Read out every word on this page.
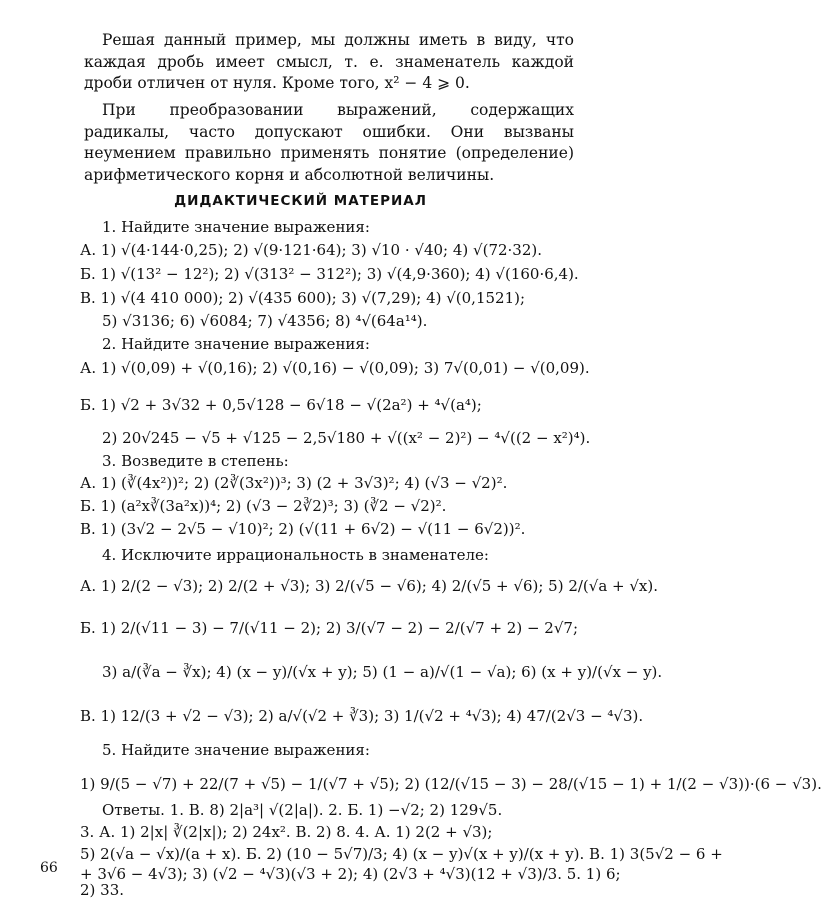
Решая данный пример, мы должны иметь в виду, что каждая дробь имеет смысл, т. е. знаменатель каждой дроби отличен от нуля. Кроме того, x² − 4 ⩾ 0.
При преобразовании выражений, содержащих радикалы, часто допускают ошибки. Они вызваны неумением правильно применять понятие (определение) арифметического корня и абсолютной величины.
ДИДАКТИЧЕСКИЙ МАТЕРИАЛ
1. Найдите значение выражения:
А. 1) √(4·144·0,25); 2) √(9·121·64); 3) √10 · √40; 4) √(72·32).
Б. 1) √(13² − 12²); 2) √(313² − 312²); 3) √(4,9·360); 4) √(160·6,4).
В. 1) √(4 410 000); 2) √(435 600); 3) √(7,29); 4) √(0,1521);
5) √3136; 6) √6084; 7) √4356; 8) ⁴√(64a¹⁴).
2. Найдите значение выражения:
А. 1) √(0,09) + √(0,16); 2) √(0,16) − √(0,09); 3) 7√(0,01) − √(0,09).
Б. 1) √2 + 3√32 + 0,5√128 − 6√18 − √(2a²) + ⁴√(a⁴);
2) 20√245 − √5 + √125 − 2,5√180 + √((x² − 2)²) − ⁴√((2 − x²)⁴).
3. Возведите в степень:
А. 1) (∛(4x²))²; 2) (2∛(3x²))³; 3) (2 + 3√3)²; 4) (√3 − √2)².
Б. 1) (a²x∛(3a²x))⁴; 2) (√3 − 2∛2)³; 3) (∛2 − √2)².
В. 1) (3√2 − 2√5 − √10)²; 2) (√(11 + 6√2) − √(11 − 6√2))².
4. Исключите иррациональность в знаменателе:
А. 1) 2/(2 − √3); 2) 2/(2 + √3); 3) 2/(√5 − √6); 4) 2/(√5 + √6); 5) 2/(√a + √x).
Б. 1) 2/(√11 − 3) − 7/(√11 − 2); 2) 3/(√7 − 2) − 2/(√7 + 2) − 2√7;
3) a/(∛a − ∛x); 4) (x − y)/(√x + y); 5) (1 − a)/√(1 − √a); 6) (x + y)/(√x − y).
В. 1) 12/(3 + √2 − √3); 2) a/√(√2 + ∛3); 3) 1/(√2 + ⁴√3); 4) 47/(2√3 − ⁴√3).
5. Найдите значение выражения:
1) 9/(5 − √7) + 22/(7 + √5) − 1/(√7 + √5); 2) (12/(√15 − 3) − 28/(√15 − 1) + 1/(2 − √3))·(6 − √3).
Ответы. 1. В. 8) 2|a³| √(2|a|). 2. Б. 1) −√2; 2) 129√5.
3. А. 1) 2|x| ∛(2|x|); 2) 24x². В. 2) 8. 4. А. 1) 2(2 + √3);
5) 2(√a − √x)/(a + x). Б. 2) (10 − 5√7)/3; 4) (x − y)√(x + y)/(x + y). В. 1) 3(5√2 − 6 +
+ 3√6 − 4√3); 3) (√2 − ⁴√3)(√3 + 2); 4) (2√3 + ⁴√3)(12 + √3)/3. 5. 1) 6;
2) 33.
66
